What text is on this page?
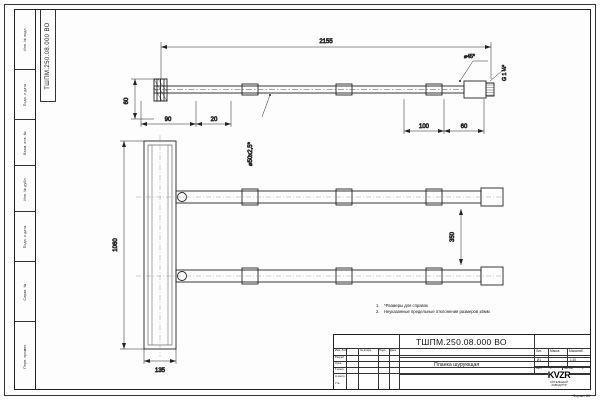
Инв. № подл.
Подп. и дата
Взам. инв. №
Инв. № дубл.
Подп. и дата
Справ. №
Перв. примен.
ТШПМ.250.08.000 ВО	2155
⌀45*
G 1 ¼*
60
90	20
⌀50x2,5*
100	60
1060
350
135
1. *Размеры для справок
2. Неуказанные предельные отклонения размеров ±5мм
ТШПМ.250.08.000 ВО
Планка шурующая
Лит.	Масса	Масштаб
И1	1:10
Лист	1	Листов	1
Изм. Лист	№ докум.	Подп. Дата
Разраб.
Пров.
Т.контр.
Н.контр.
Утв.
KVZR
КОТЕЛЬНЫЙ
ЗАВОД РТР
Формат А3
